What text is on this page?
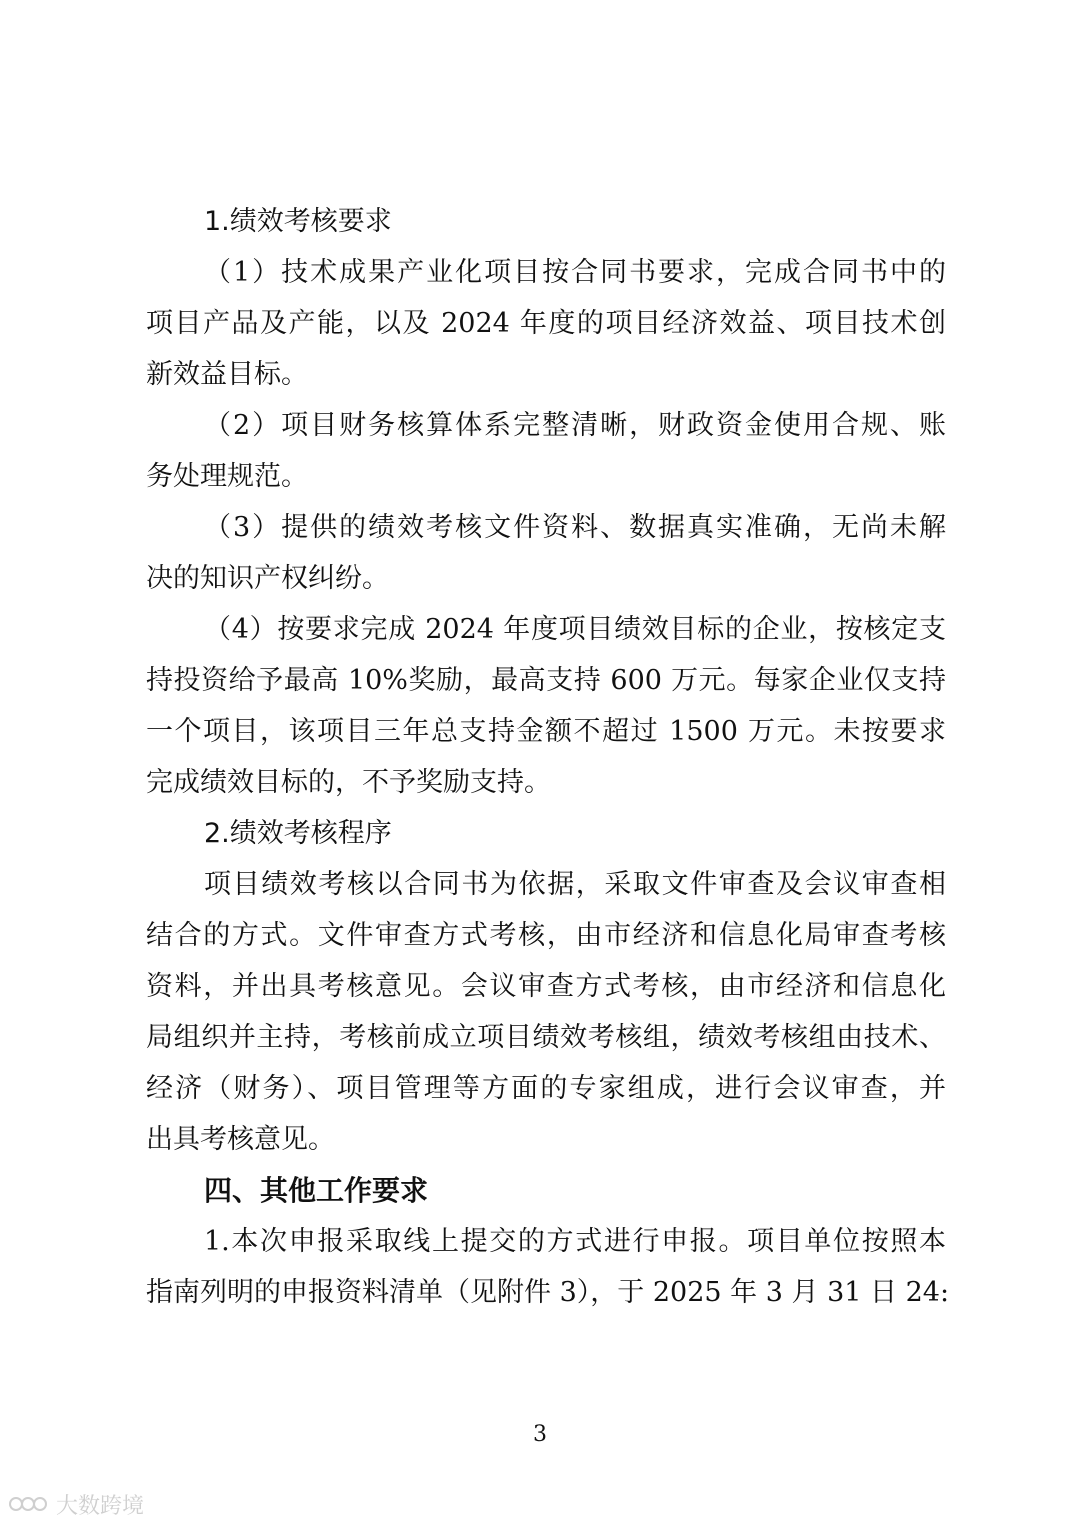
1.绩效考核要求
（1）技术成果产业化项目按合同书要求，完成合同书中的
项目产品及产能，以及 2024 年度的项目经济效益、项目技术创
新效益目标。
（2）项目财务核算体系完整清晰，财政资金使用合规、账
务处理规范。
（3）提供的绩效考核文件资料、数据真实准确，无尚未解
决的知识产权纠纷。
（4）按要求完成 2024 年度项目绩效目标的企业，按核定支
持投资给予最高 10%奖励，最高支持 600 万元。每家企业仅支持
一个项目，该项目三年总支持金额不超过 1500 万元。未按要求
完成绩效目标的，不予奖励支持。
2.绩效考核程序
项目绩效考核以合同书为依据，采取文件审查及会议审查相
结合的方式。文件审查方式考核，由市经济和信息化局审查考核
资料，并出具考核意见。会议审查方式考核，由市经济和信息化
局组织并主持，考核前成立项目绩效考核组，绩效考核组由技术、
经济（财务）、项目管理等方面的专家组成，进行会议审查，并
出具考核意见。
四、其他工作要求
1.本次申报采取线上提交的方式进行申报。项目单位按照本
指南列明的申报资料清单（见附件 3），于 2025 年 3 月 31 日 24:
3
大数跨境
